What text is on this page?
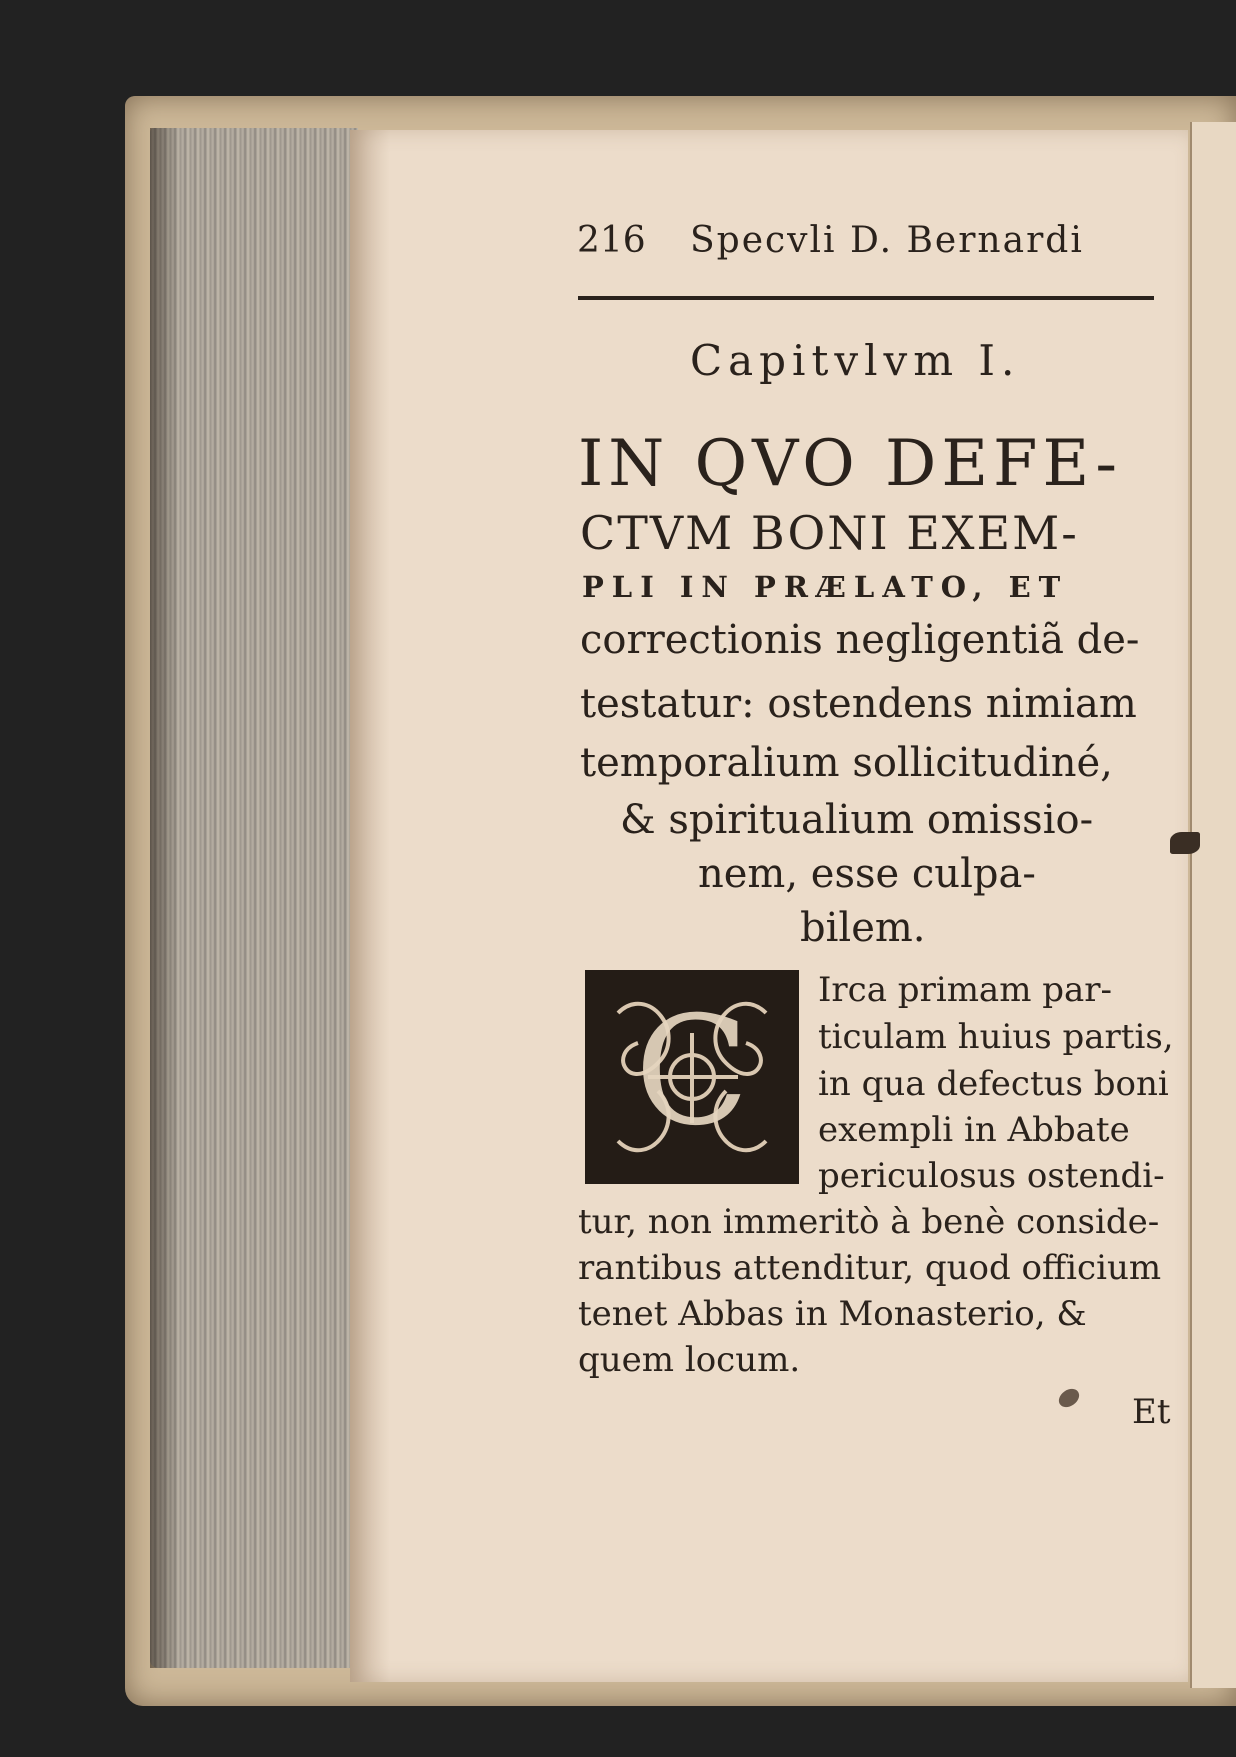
216 Specvli D. Bernardi
Capitvlvm I.
IN QVO DEFE-
CTVM BONI EXEM-
PLI IN PRÆLATO, ET
correctionis negligentiã de-
testatur: ostendens nimiam
temporalium sollicitudiné,
& spiritualium omissio-
nem, esse culpa-
bilem.
C Irca primam par-
ticulam huius partis,
in qua defectus boni
exempli in Abbate
periculosus ostendi-
tur, non immeritò à benè conside-
rantibus attenditur, quod officium
tenet Abbas in Monasterio, &
quem locum.
Et
